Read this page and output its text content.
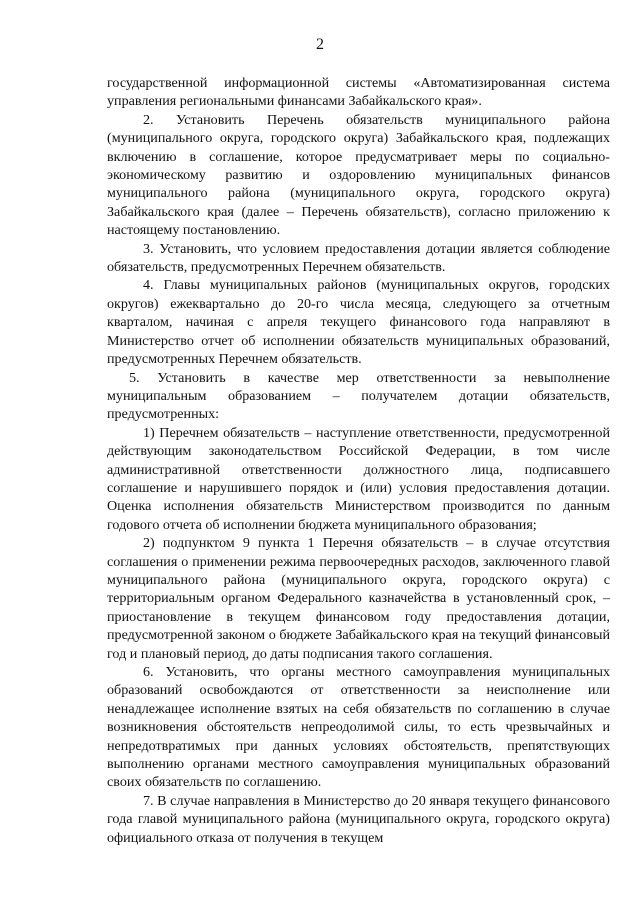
2

государственной информационной системы «Автоматизированная система управления региональными финансами Забайкальского края».

2. Установить Перечень обязательств муниципального района (муниципального округа, городского округа) Забайкальского края, подлежащих включению в соглашение, которое предусматривает меры по социально-экономическому развитию и оздоровлению муниципальных финансов муниципального района (муниципального округа, городского округа) Забайкальского края (далее – Перечень обязательств), согласно приложению к настоящему постановлению.

3. Установить, что условием предоставления дотации является соблюдение обязательств, предусмотренных Перечнем обязательств.

4. Главы муниципальных районов (муниципальных округов, городских округов) ежеквартально до 20-го числа месяца, следующего за отчетным кварталом, начиная с апреля текущего финансового года направляют в Министерство отчет об исполнении обязательств муниципальных образований, предусмотренных Перечнем обязательств.

5. Установить в качестве мер ответственности за невыполнение муниципальным образованием – получателем дотации обязательств, предусмотренных:

1) Перечнем обязательств – наступление ответственности, предусмотренной действующим законодательством Российской Федерации, в том числе административной ответственности должностного лица, подписавшего соглашение и нарушившего порядок и (или) условия предоставления дотации. Оценка исполнения обязательств Министерством производится по данным годового отчета об исполнении бюджета муниципального образования;

2) подпунктом 9 пункта 1 Перечня обязательств – в случае отсутствия соглашения о применении режима первоочередных расходов, заключенного главой муниципального района (муниципального округа, городского округа) с территориальным органом Федерального казначейства в установленный срок, – приостановление в текущем финансовом году предоставления дотации, предусмотренной законом о бюджете Забайкальского края на текущий финансовый год и плановый период, до даты подписания такого соглашения.

6. Установить, что органы местного самоуправления муниципальных образований освобождаются от ответственности за неисполнение или ненадлежащее исполнение взятых на себя обязательств по соглашению в случае возникновения обстоятельств непреодолимой силы, то есть чрезвычайных и непредотвратимых при данных условиях обстоятельств, препятствующих выполнению органами местного самоуправления муниципальных образований своих обязательств по соглашению.

7. В случае направления в Министерство до 20 января текущего финансового года главой муниципального района (муниципального округа, городского округа) официального отказа от получения в текущем
